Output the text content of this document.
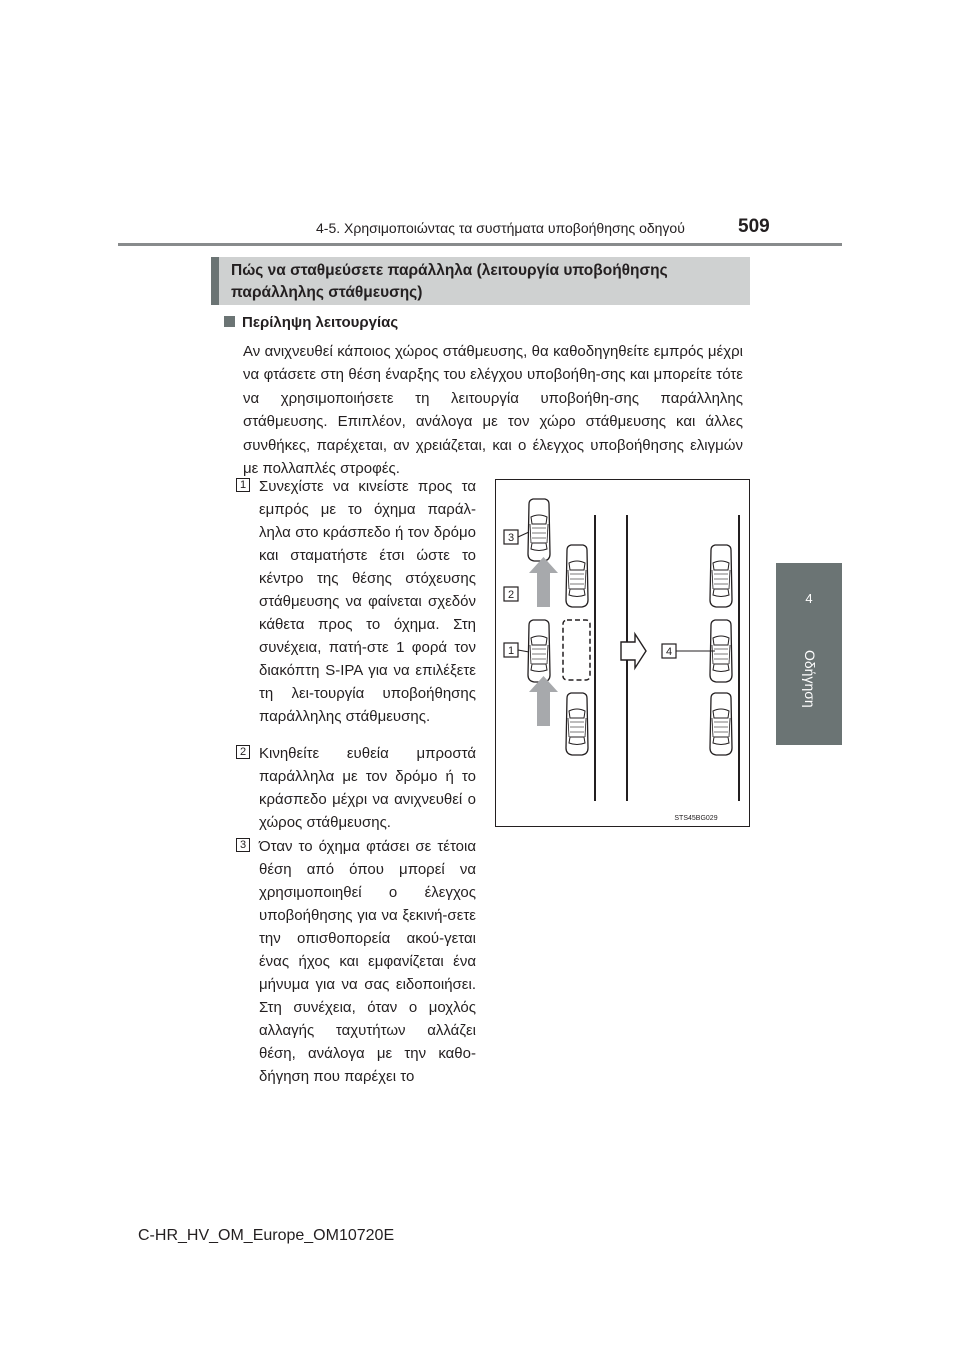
4-5. Χρησιμοποιώντας τα συστήματα υποβοήθησης οδηγού	509
4
Οδήγηση
Πώς να σταθμεύσετε παράλληλα (λειτουργία υποβοήθησης
παράλληλης στάθμευσης)
Περίληψη λειτουργίας

Αν ανιχνευθεί κάποιος χώρος στάθμευσης, θα καθοδηγηθείτε εμπρός μέχρι να φτάσετε στη θέση έναρξης του ελέγχου υποβοήθη-σης και μπορείτε τότε να χρησιμοποιήσετε τη λειτουργία υποβοήθη-σης παράλληλης στάθμευσης. Επιπλέον, ανάλογα με τον χώρο στάθμευσης και άλλες συνθήκες, παρέχεται, αν χρειάζεται, και ο έλεγχος υποβοήθησης ελιγμών με πολλαπλές στροφές.

1 Συνεχίστε να κινείστε προς τα εμπρός με το όχημα παράλ-ληλα στο κράσπεδο ή τον δρόμο και σταματήστε έτσι ώστε το κέντρο της θέσης στόχευσης στάθμευσης να φαίνεται σχεδόν κάθετα προς το όχημα. Στη συνέχεια, πατή-στε 1 φορά τον διακόπτη S-IPA για να επιλέξετε τη λει-τουργία υποβοήθησης παράλληλης στάθμευσης.

2 Κινηθείτε ευθεία μπροστά παράλληλα με τον δρόμο ή το κράσπεδο μέχρι να ανιχνευθεί ο χώρος στάθμευσης.

3 Όταν το όχημα φτάσει σε τέτοια θέση από όπου μπορεί να χρησιμοποιηθεί ο έλεγχος υποβοήθησης για να ξεκινή-σετε την οπισθοπορεία ακού-γεται ένας ήχος και εμφανίζεται ένα μήνυμα για να σας ειδοποιήσει. Στη συνέχεια, όταν ο μοχλός αλλαγής ταχυτήτων αλλάζει θέση, ανάλογα με την καθο-δήγηση που παρέχει το

3
2
1	4
STS45BG029
C-HR_HV_OM_Europe_OM10720E
